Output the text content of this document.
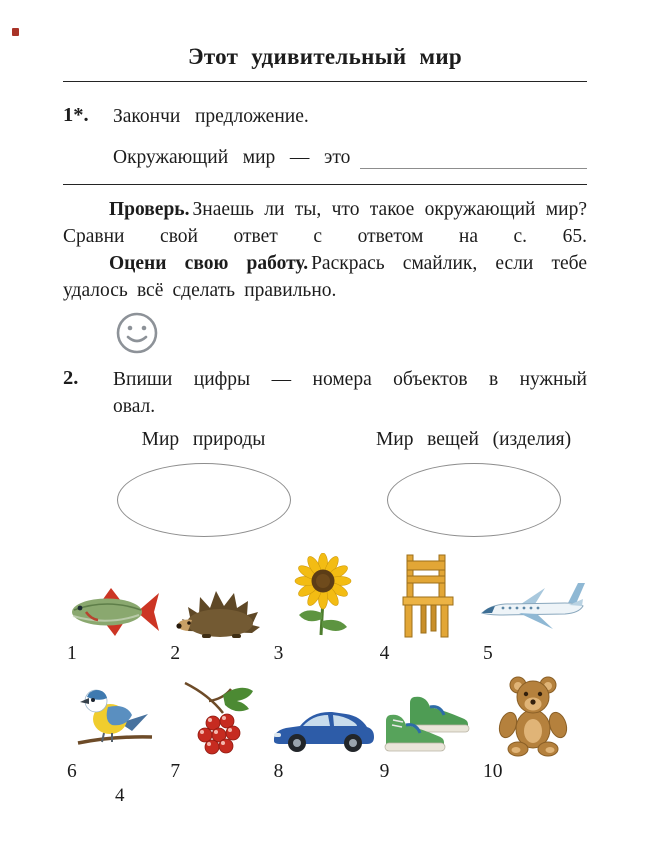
Этот удивительный мир
1*.	Закончи предложение.

Окружающий мир — это

Проверь. Знаешь ли ты, что такое окружающий мир? Сравни свой ответ с ответом на с. 65.

Оцени свою работу. Раскрась смайлик, если тебе удалось всё сделать правильно.

2.	Впиши цифры — номера объектов в нужный овал.

Мир природы	Мир вещей (изделия)
1	2	3	4	5
6	7	8	9	10
4
